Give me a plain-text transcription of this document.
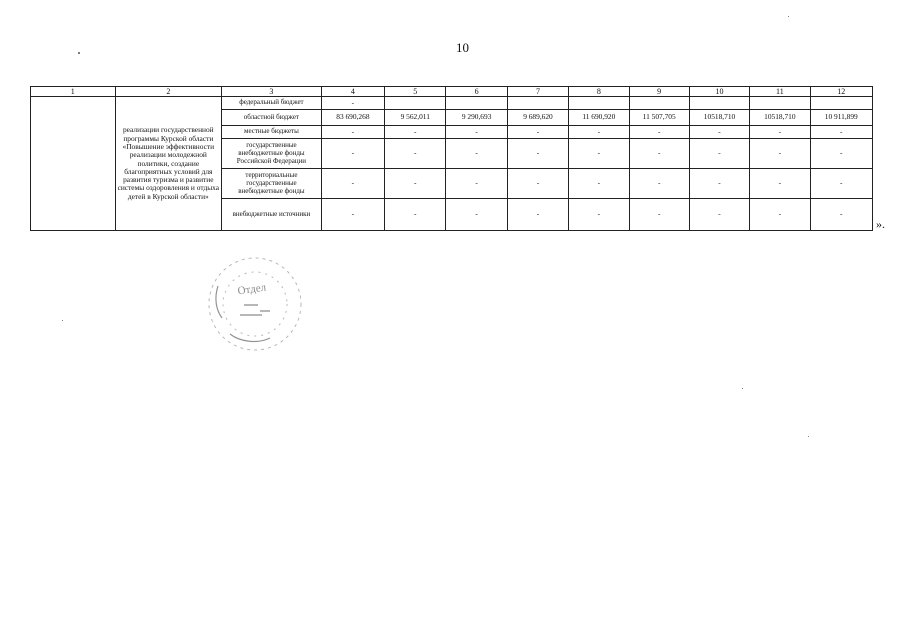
10
1	2	3	4	5	6	7	8	9	10	11	12
	реализации государственной программы Курской области «Повышение эффективности реализации молодежной политики, создание благоприятных условий для развития туризма и развитие системы оздоровления и отдыха детей в Курской области»	федеральный бюджет	-								
		областной бюджет	83 690,268	9 562,011	9 290,693	9 689,620	11 690,920	11 507,705	10518,710	10518,710	10 911,899
		местные бюджеты	-	-	-	-	-	-	-	-	-
		государственные внебюджетные фонды Российской Федерации	-	-	-	-	-	-	-	-	-
		территориальные государственные внебюджетные фонды	-	-	-	-	-	-	-	-	-
		внебюджетные источники	-	-	-	-	-	-	-	-	-
».
Отдел
